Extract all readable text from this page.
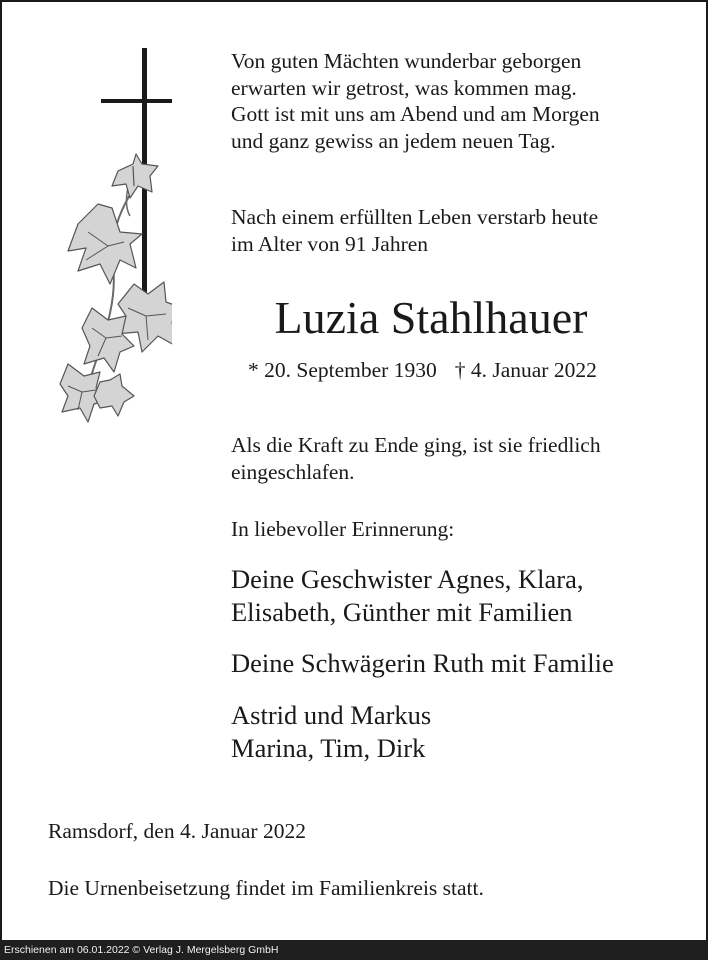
Von guten Mächten wunderbar geborgen
erwarten wir getrost, was kommen mag.
Gott ist mit uns am Abend und am Morgen
und ganz gewiss an jedem neuen Tag.
Nach einem erfüllten Leben verstarb heute
im Alter von 91 Jahren
Luzia Stahlhauer
* 20. September 1930 † 4. Januar 2022
Als die Kraft zu Ende ging, ist sie friedlich
eingeschlafen.
In liebevoller Erinnerung:
Deine Geschwister Agnes, Klara,
Elisabeth, Günther mit Familien
Deine Schwägerin Ruth mit Familie
Astrid und Markus
Marina, Tim, Dirk
Ramsdorf, den 4. Januar 2022
Die Urnenbeisetzung findet im Familienkreis statt.
Erschienen am 06.01.2022 © Verlag J. Mergelsberg GmbH
